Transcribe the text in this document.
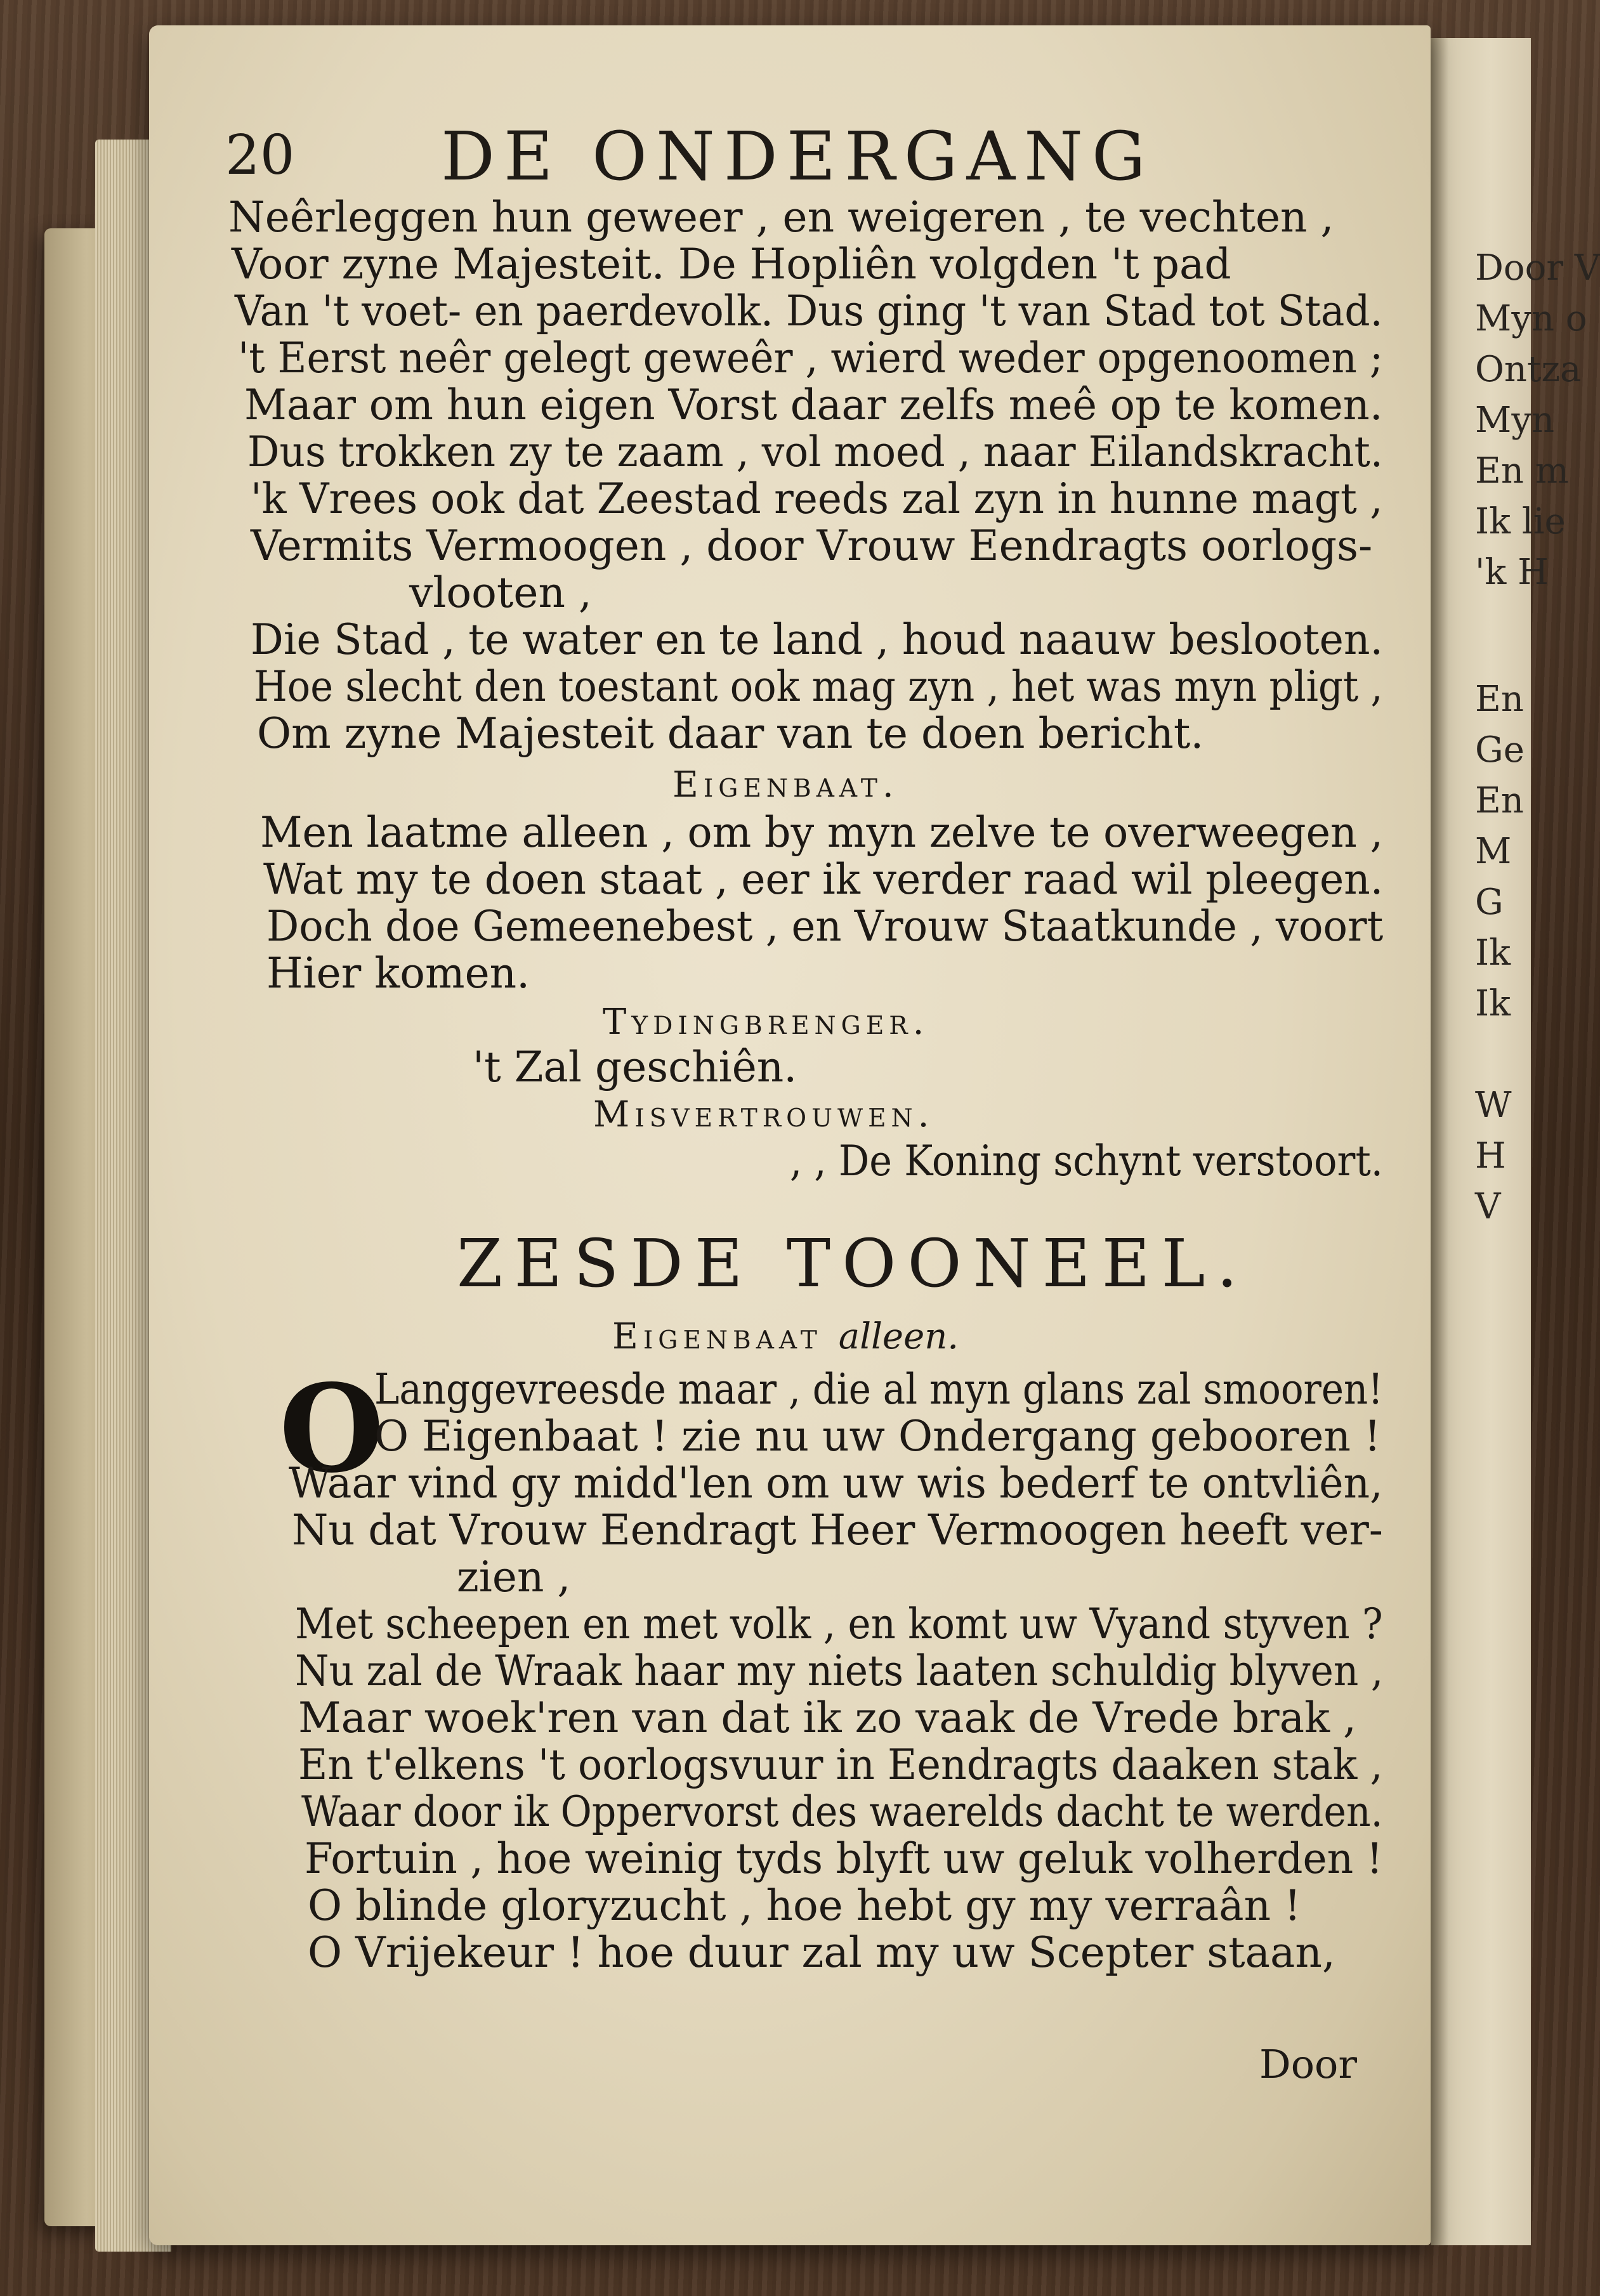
Door V
Myn o
Ontza
Myn
En m
Ik lie
'k H
En
Ge
En
M
G
Ik
Ik
W
H
V
20 DE ONDERGANG
Neêrleggen hun geweer , en weigeren , te vechten ,
Voor zyne Majesteit. De Hopliên volgden 't pad
Van 't voet- en paerdevolk. Dus ging 't van Stad tot Stad.
't Eerst neêr gelegt geweêr , wierd weder opgenoomen ;
Maar om hun eigen Vorst daar zelfs meê op te komen.
Dus trokken zy te zaam , vol moed , naar Eilandskracht.
'k Vrees ook dat Zeestad reeds zal zyn in hunne magt ,
Vermits Vermoogen , door Vrouw Eendragts oorlogs-
vlooten ,
Die Stad , te water en te land , houd naauw beslooten.
Hoe slecht den toestant ook mag zyn , het was myn pligt ,
Om zyne Majesteit daar van te doen bericht.
Eigenbaat.
Men laatme alleen , om by myn zelve te overweegen ,
Wat my te doen staat , eer ik verder raad wil pleegen.
Doch doe Gemeenebest , en Vrouw Staatkunde , voort
Hier komen.
Tydingbrenger.
't Zal geschiên.
Misvertrouwen.
, , De Koning schynt verstoort.
ZESDE TOONEEL.
Eigenbaat alleen.
O
Langgevreesde maar , die al myn glans zal smooren!
O Eigenbaat ! zie nu uw Ondergang gebooren !
Waar vind gy midd'len om uw wis bederf te ontvliên,
Nu dat Vrouw Eendragt Heer Vermoogen heeft ver-
zien ,
Met scheepen en met volk , en komt uw Vyand styven ?
Nu zal de Wraak haar my niets laaten schuldig blyven ,
Maar woek'ren van dat ik zo vaak de Vrede brak ,
En t'elkens 't oorlogsvuur in Eendragts daaken stak ,
Waar door ik Oppervorst des waerelds dacht te werden.
Fortuin , hoe weinig tyds blyft uw geluk volherden !
O blinde gloryzucht , hoe hebt gy my verraân !
O Vrijekeur ! hoe duur zal my uw Scepter staan,
Door
